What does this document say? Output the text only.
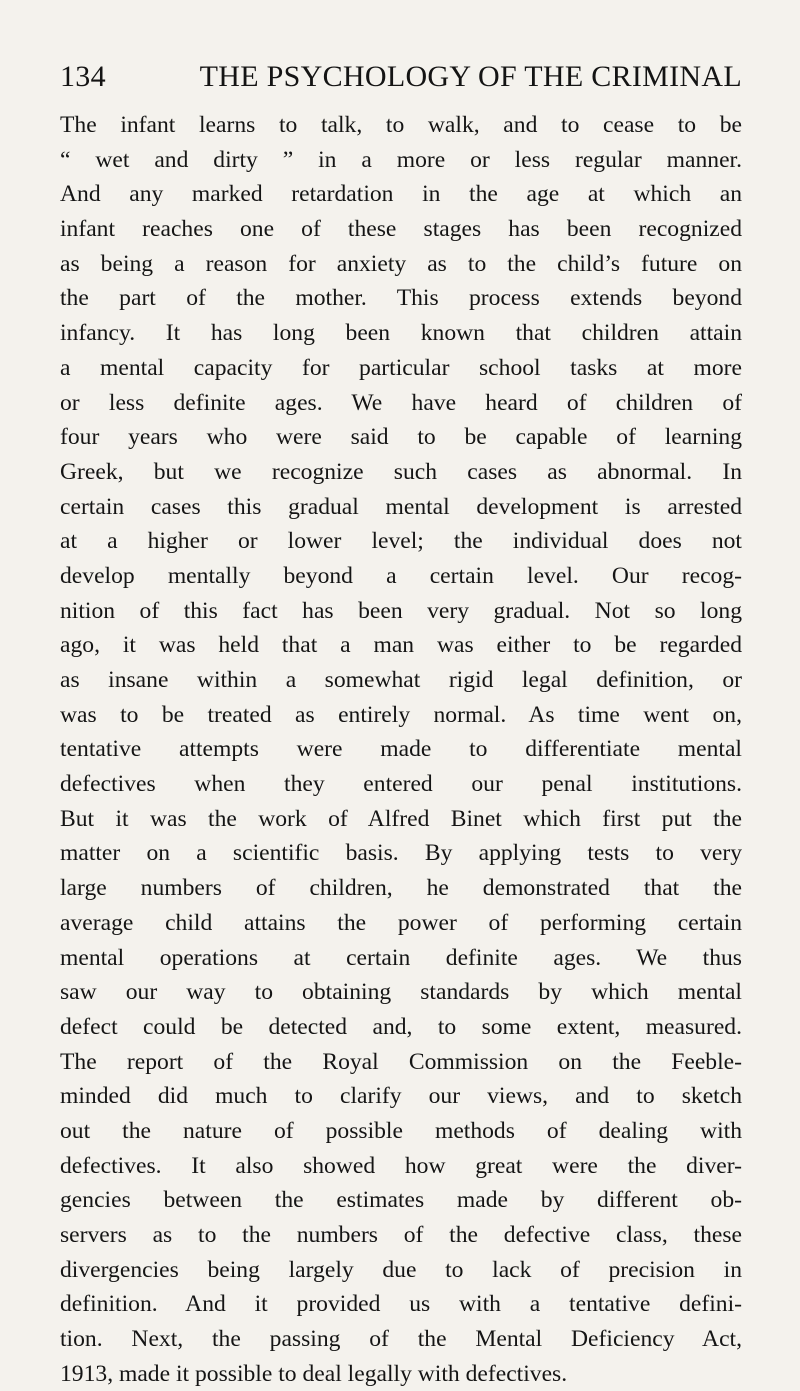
134	THE PSYCHOLOGY OF THE CRIMINAL
The infant learns to talk, to walk, and to cease to be
“ wet and dirty ” in a more or less regular manner.
And any marked retardation in the age at which an
infant reaches one of these stages has been recognized
as being a reason for anxiety as to the child’s future on
the part of the mother. This process extends beyond
infancy. It has long been known that children attain
a mental capacity for particular school tasks at more
or less definite ages. We have heard of children of
four years who were said to be capable of learning
Greek, but we recognize such cases as abnormal. In
certain cases this gradual mental development is arrested
at a higher or lower level; the individual does not
develop mentally beyond a certain level. Our recog-
nition of this fact has been very gradual. Not so long
ago, it was held that a man was either to be regarded
as insane within a somewhat rigid legal definition, or
was to be treated as entirely normal. As time went on,
tentative attempts were made to differentiate mental
defectives when they entered our penal institutions.
But it was the work of Alfred Binet which first put the
matter on a scientific basis. By applying tests to very
large numbers of children, he demonstrated that the
average child attains the power of performing certain
mental operations at certain definite ages. We thus
saw our way to obtaining standards by which mental
defect could be detected and, to some extent, measured.
The report of the Royal Commission on the Feeble-
minded did much to clarify our views, and to sketch
out the nature of possible methods of dealing with
defectives. It also showed how great were the diver-
gencies between the estimates made by different ob-
servers as to the numbers of the defective class, these
divergencies being largely due to lack of precision in
definition. And it provided us with a tentative defini-
tion. Next, the passing of the Mental Deficiency Act,
1913, made it possible to deal legally with defectives.
